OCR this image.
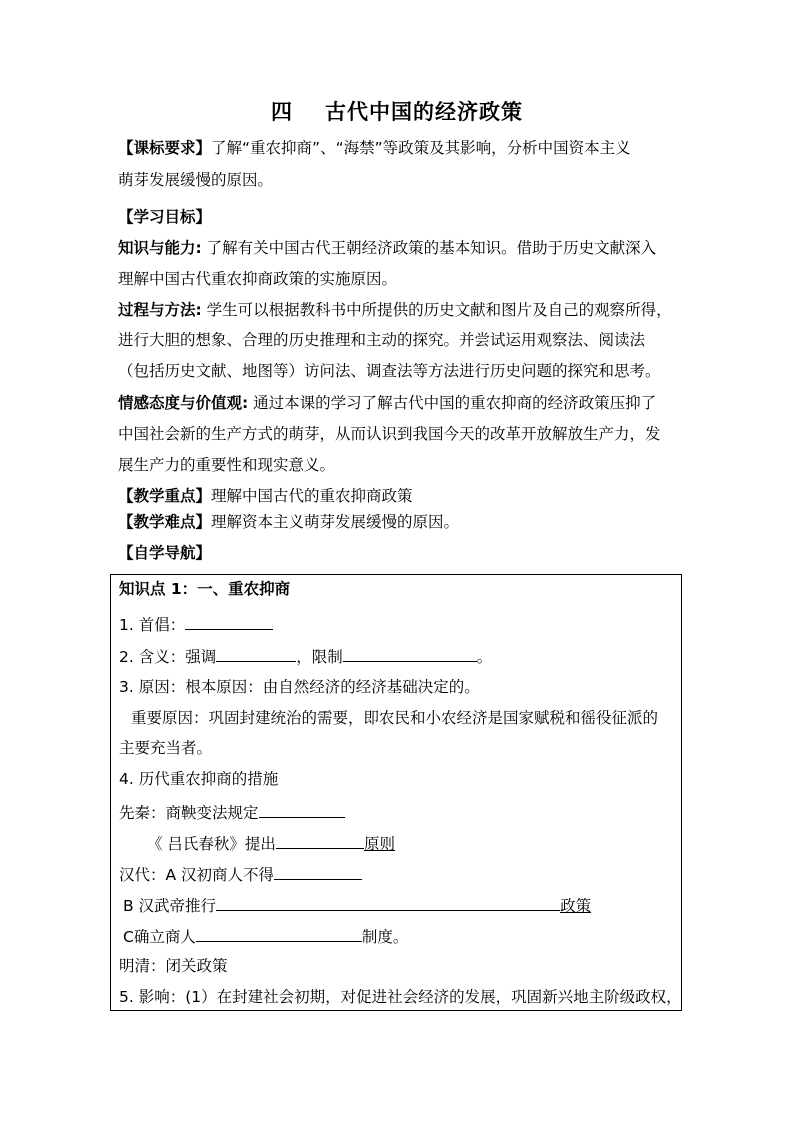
四 古代中国的经济政策
【课标要求】了解“重农抑商”、“海禁”等政策及其影响，分析中国资本主义
萌芽发展缓慢的原因。
【学习目标】
知识与能力: 了解有关中国古代王朝经济政策的基本知识。借助于历史文献深入
理解中国古代重农抑商政策的实施原因。
过程与方法: 学生可以根据教科书中所提供的历史文献和图片及自己的观察所得，
进行大胆的想象、合理的历史推理和主动的探究。并尝试运用观察法、阅读法
（包括历史文献、地图等）访问法、调查法等方法进行历史问题的探究和思考。
情感态度与价值观: 通过本课的学习了解古代中国的重农抑商的经济政策压抑了
中国社会新的生产方式的萌芽，从而认识到我国今天的改革开放解放生产力，发
展生产力的重要性和现实意义。
【教学重点】理解中国古代的重农抑商政策
【教学难点】理解资本主义萌芽发展缓慢的原因。
【自学导航】
知识点 1：一、重农抑商
1. 首倡：
2. 含义：强调	，限制	。
3. 原因：根本原因：由自然经济的经济基础决定的。
重要原因：巩固封建统治的需要，即农民和小农经济是国家赋税和徭役征派的
主要充当者。
4. 历代重农抑商的措施
先秦：商鞅变法规定
《 吕氏春秋》提出	原则
汉代：A 汉初商人不得
B 汉武帝推行	政策
C确立商人	制度。
明清：闭关政策
5. 影响：(1）在封建社会初期，对促进社会经济的发展，巩固新兴地主阶级政权，
